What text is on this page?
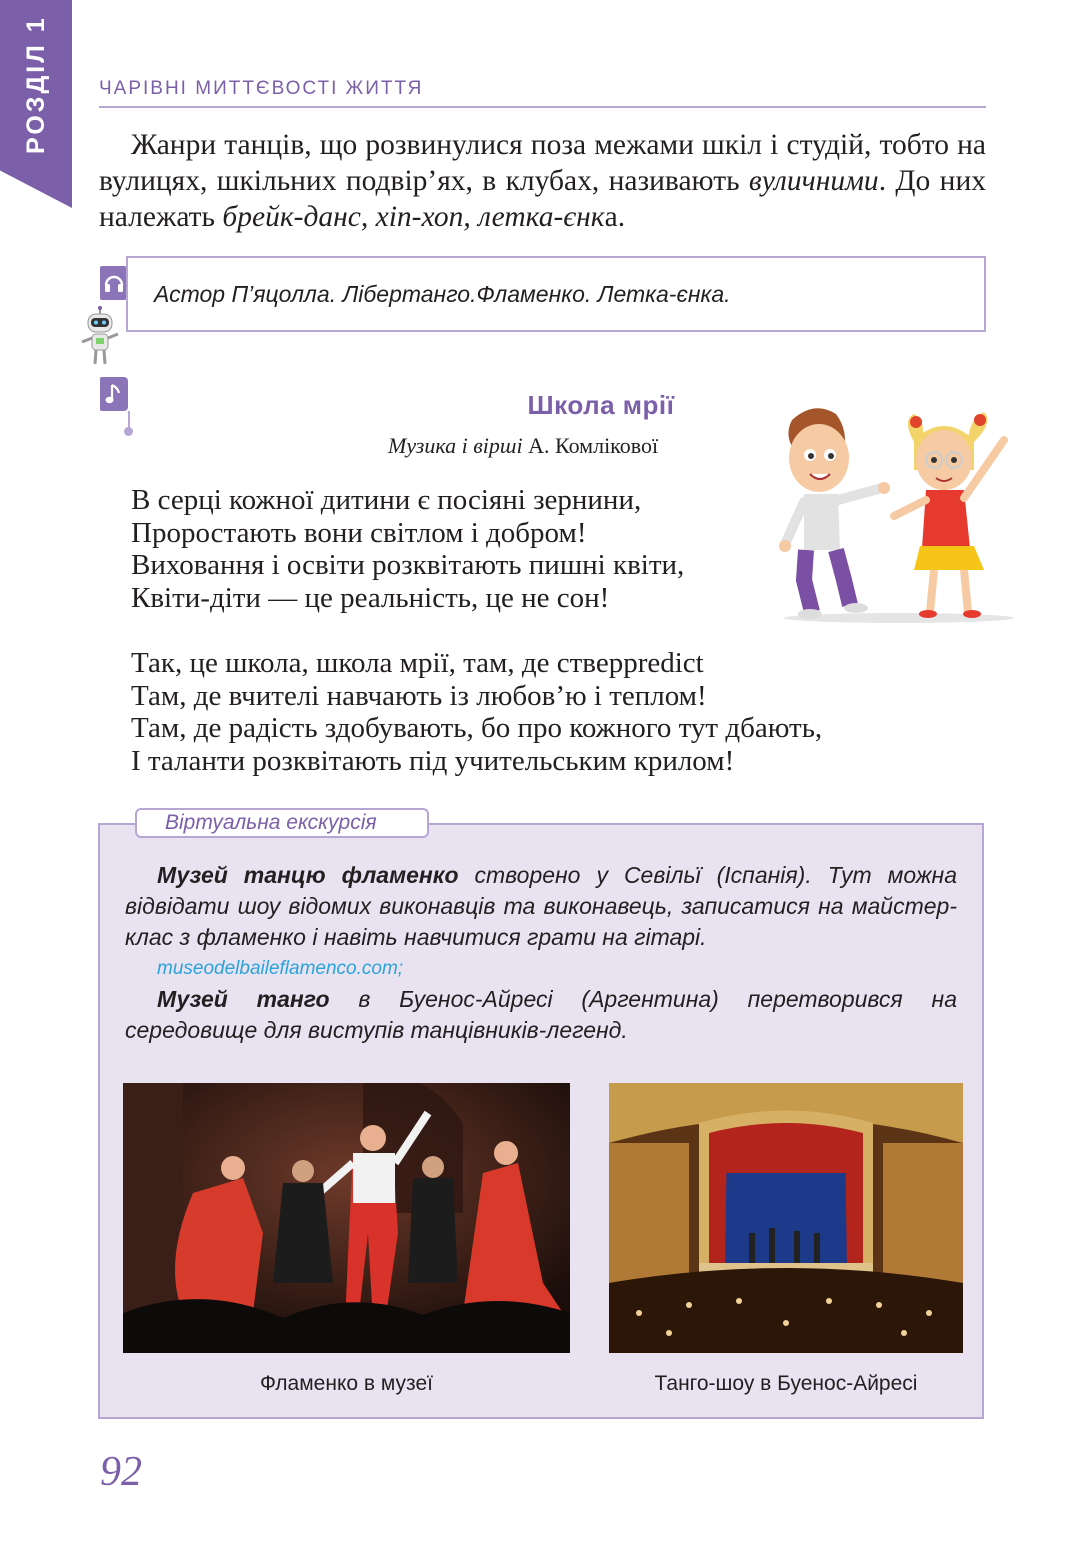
РОЗДІЛ 1	ЧАРІВНІ МИТТЄВОСТІ ЖИТТЯ

Жанри танців, що розвинулися поза межами шкіл і студій, тобто на вулицях, шкільних подвір’ях, в клубах, називають вуличними. До них належать брейк-данс, хіп-хоп, летка-єнка.

Астор П’яцолла. Лібертанго.Фламенко. Летка-єнка.
Школа мрії
Музика і вірші А. Комлікової
В серці кожної дитини є посіяні зернини,
Проростають вони світлом і добром!
Виховання і освіти розквітають пишні квіти,
Квіти-діти — це реальність, це не сон!
Так, це школа, школа мрії, там, де стверpredict
Там, де вчителі навчають із любов’ю і теплом!
Там, де радість здобувають, бо про кожного тут дбають,
І таланти розквітають під учительським крилом!
Віртуальна екскурсія

Музей танцю фламенко створено у Севільї (Іспанія). Тут можна відвідати шоу відомих виконавців та виконавець, записатися на майстер-клас з фламенко і навіть навчитися грати на гітарі.

museodelbaileflamenco.com;

Музей танго в Буенос-Айресі (Аргентина) перетворився на середовище для виступів танцівників-легенд.

Фламенко в музеї	Танго-шоу в Буенос-Айресі
92
